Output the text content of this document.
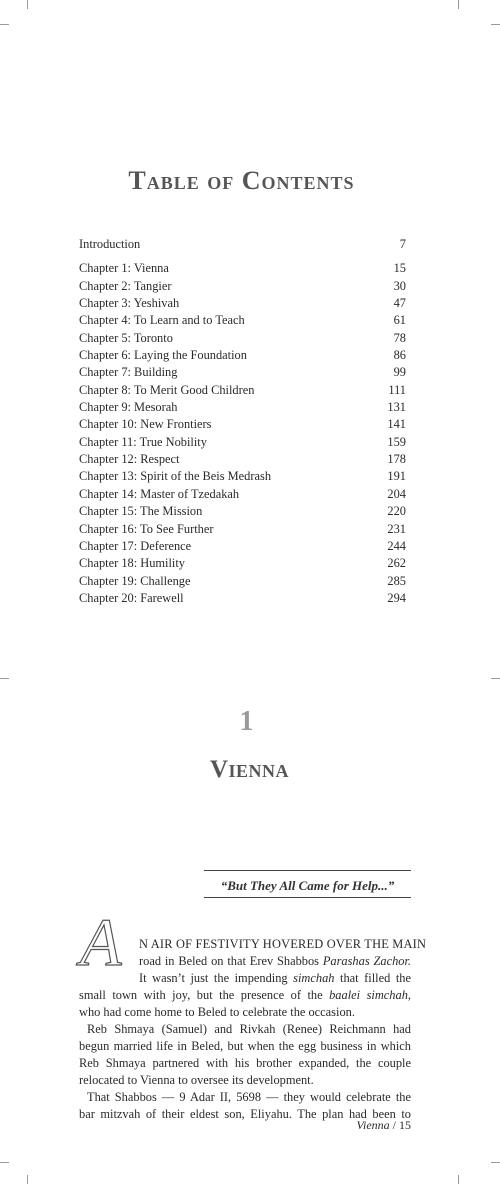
Table of Contents
Introduction	7
Chapter 1: Vienna	15
Chapter 2: Tangier	30
Chapter 3: Yeshivah	47
Chapter 4: To Learn and to Teach	61
Chapter 5: Toronto	78
Chapter 6: Laying the Foundation	86
Chapter 7: Building	99
Chapter 8: To Merit Good Children	111
Chapter 9: Mesorah	131
Chapter 10: New Frontiers	141
Chapter 11: True Nobility	159
Chapter 12: Respect	178
Chapter 13: Spirit of the Beis Medrash	191
Chapter 14: Master of Tzedakah	204
Chapter 15: The Mission	220
Chapter 16: To See Further	231
Chapter 17: Deference	244
Chapter 18: Humility	262
Chapter 19: Challenge	285
Chapter 20: Farewell	294
1
Vienna
“But They All Came for Help...”
A N AIR OF FESTIVITY HOVERED OVER THE MAIN
road in Beled on that Erev Shabbos Parashas Zachor.
It wasn’t just the impending simchah that filled the
small town with joy, but the presence of the baalei simchah,
who had come home to Beled to celebrate the occasion.
Reb Shmaya (Samuel) and Rivkah (Renee) Reichmann had
begun married life in Beled, but when the egg business in which
Reb Shmaya partnered with his brother expanded, the couple
relocated to Vienna to oversee its development.
That Shabbos — 9 Adar II, 5698 — they would celebrate the
bar mitzvah of their eldest son, Eliyahu. The plan had been to
Vienna / 15
